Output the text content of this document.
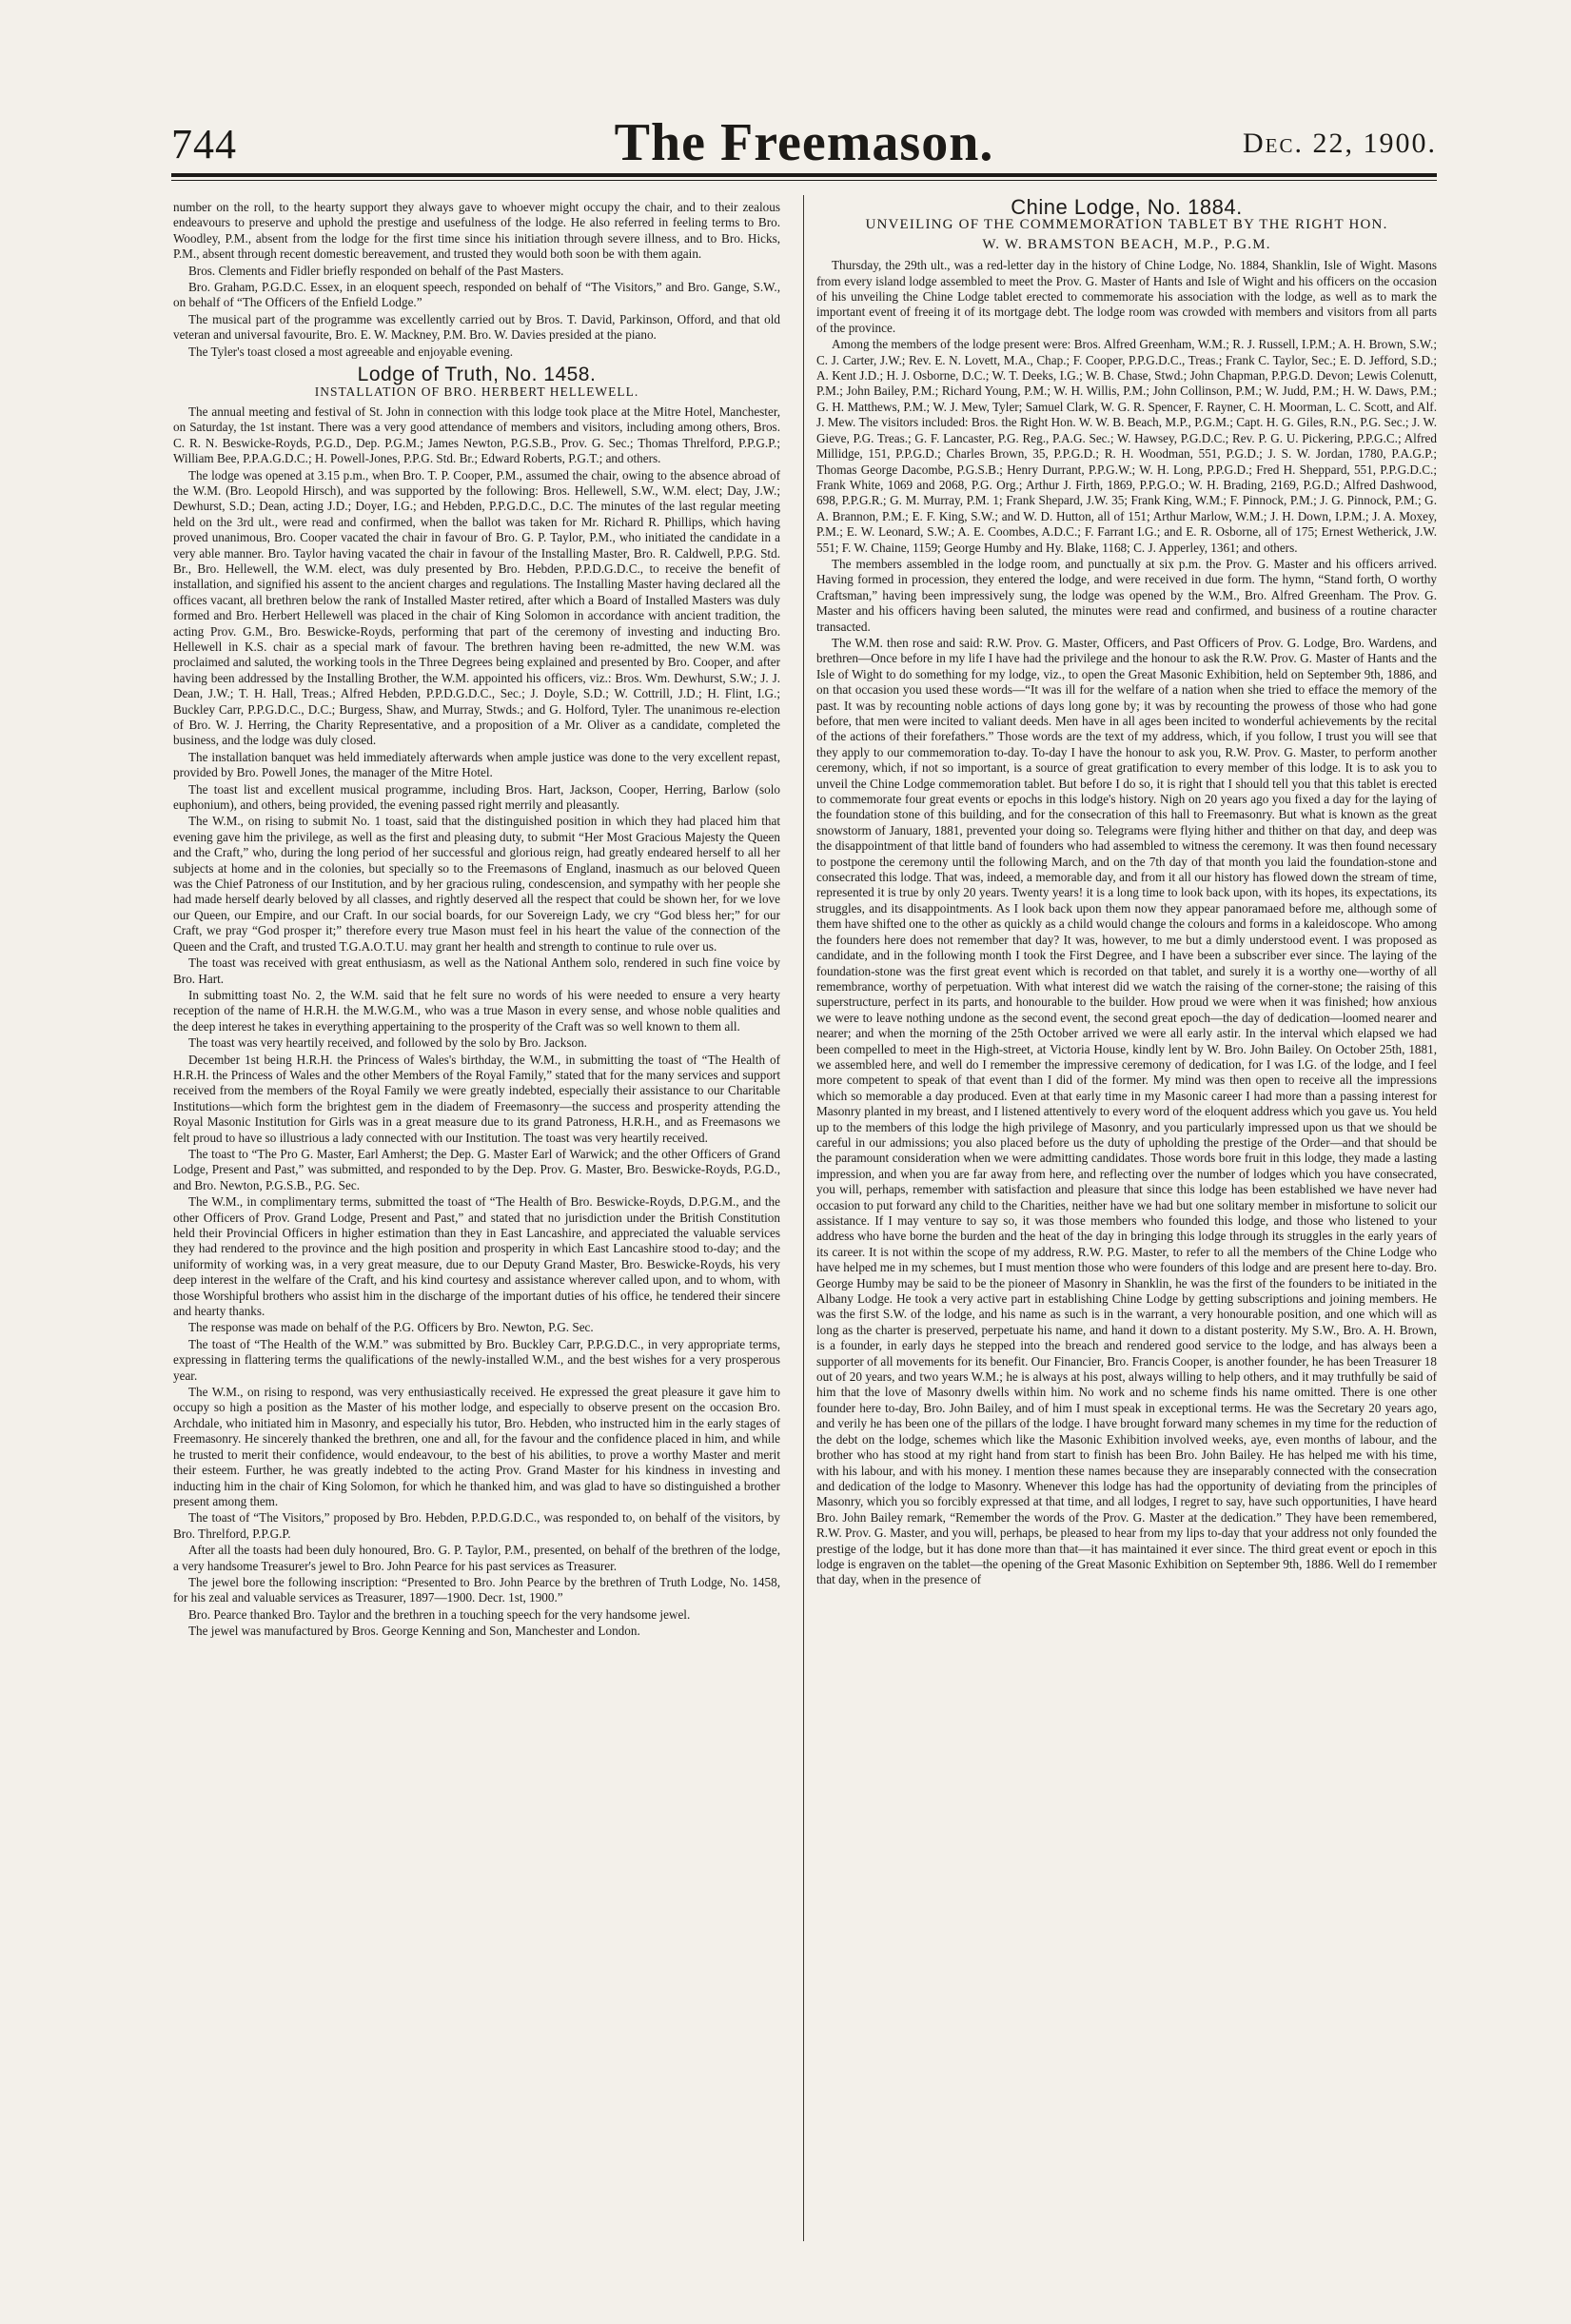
744	The Freemason.	Dec. 22, 1900.

number on the roll, to the hearty support they always gave to whoever might occupy the chair, and to their zealous endeavours to preserve and uphold the prestige and usefulness of the lodge. He also referred in feeling terms to Bro. Woodley, P.M., absent from the lodge for the first time since his initiation through severe illness, and to Bro. Hicks, P.M., absent through recent domestic bereavement, and trusted they would both soon be with them again.

Bros. Clements and Fidler briefly responded on behalf of the Past Masters.

Bro. Graham, P.G.D.C. Essex, in an eloquent speech, responded on behalf of “The Visitors,” and Bro. Gange, S.W., on behalf of “The Officers of the Enfield Lodge.”

The musical part of the programme was excellently carried out by Bros. T. David, Parkinson, Offord, and that old veteran and universal favourite, Bro. E. W. Mackney, P.M. Bro. W. Davies presided at the piano.

The Tyler's toast closed a most agreeable and enjoyable evening.

Lodge of Truth, No. 1458.
INSTALLATION OF BRO. HERBERT HELLEWELL.

The annual meeting and festival of St. John in connection with this lodge took place at the Mitre Hotel, Manchester, on Saturday, the 1st instant. There was a very good attendance of members and visitors, including among others, Bros. C. R. N. Beswicke-Royds, P.G.D., Dep. P.G.M.; James Newton, P.G.S.B., Prov. G. Sec.; Thomas Threlford, P.P.G.P.; William Bee, P.P.A.G.D.C.; H. Powell-Jones, P.P.G. Std. Br.; Edward Roberts, P.G.T.; and others.

The lodge was opened at 3.15 p.m., when Bro. T. P. Cooper, P.M., assumed the chair, owing to the absence abroad of the W.M. (Bro. Leopold Hirsch), and was supported by the following: Bros. Hellewell, S.W., W.M. elect; Day, J.W.; Dewhurst, S.D.; Dean, acting J.D.; Doyer, I.G.; and Hebden, P.P.G.D.C., D.C. The minutes of the last regular meeting held on the 3rd ult., were read and confirmed, when the ballot was taken for Mr. Richard R. Phillips, which having proved unanimous, Bro. Cooper vacated the chair in favour of Bro. G. P. Taylor, P.M., who initiated the candidate in a very able manner. Bro. Taylor having vacated the chair in favour of the Installing Master, Bro. R. Caldwell, P.P.G. Std. Br., Bro. Hellewell, the W.M. elect, was duly presented by Bro. Hebden, P.P.D.G.D.C., to receive the benefit of installation, and signified his assent to the ancient charges and regulations. The Installing Master having declared all the offices vacant, all brethren below the rank of Installed Master retired, after which a Board of Installed Masters was duly formed and Bro. Herbert Hellewell was placed in the chair of King Solomon in accordance with ancient tradition, the acting Prov. G.M., Bro. Beswicke-Royds, performing that part of the ceremony of investing and inducting Bro. Hellewell in K.S. chair as a special mark of favour. The brethren having been re-admitted, the new W.M. was proclaimed and saluted, the working tools in the Three Degrees being explained and presented by Bro. Cooper, and after having been addressed by the Installing Brother, the W.M. appointed his officers, viz.: Bros. Wm. Dewhurst, S.W.; J. J. Dean, J.W.; T. H. Hall, Treas.; Alfred Hebden, P.P.D.G.D.C., Sec.; J. Doyle, S.D.; W. Cottrill, J.D.; H. Flint, I.G.; Buckley Carr, P.P.G.D.C., D.C.; Burgess, Shaw, and Murray, Stwds.; and G. Holford, Tyler. The unanimous re-election of Bro. W. J. Herring, the Charity Representative, and a proposition of a Mr. Oliver as a candidate, completed the business, and the lodge was duly closed.

The installation banquet was held immediately afterwards when ample justice was done to the very excellent repast, provided by Bro. Powell Jones, the manager of the Mitre Hotel.

The toast list and excellent musical programme, including Bros. Hart, Jackson, Cooper, Herring, Barlow (solo euphonium), and others, being provided, the evening passed right merrily and pleasantly.

The W.M., on rising to submit No. 1 toast, said that the distinguished position in which they had placed him that evening gave him the privilege, as well as the first and pleasing duty, to submit “Her Most Gracious Majesty the Queen and the Craft,” who, during the long period of her successful and glorious reign, had greatly endeared herself to all her subjects at home and in the colonies, but specially so to the Freemasons of England, inasmuch as our beloved Queen was the Chief Patroness of our Institution, and by her gracious ruling, condescension, and sympathy with her people she had made herself dearly beloved by all classes, and rightly deserved all the respect that could be shown her, for we love our Queen, our Empire, and our Craft. In our social boards, for our Sovereign Lady, we cry “God bless her;” for our Craft, we pray “God prosper it;” therefore every true Mason must feel in his heart the value of the connection of the Queen and the Craft, and trusted T.G.A.O.T.U. may grant her health and strength to continue to rule over us.

The toast was received with great enthusiasm, as well as the National Anthem solo, rendered in such fine voice by Bro. Hart.

In submitting toast No. 2, the W.M. said that he felt sure no words of his were needed to ensure a very hearty reception of the name of H.R.H. the M.W.G.M., who was a true Mason in every sense, and whose noble qualities and the deep interest he takes in everything appertaining to the prosperity of the Craft was so well known to them all.

The toast was very heartily received, and followed by the solo by Bro. Jackson.

December 1st being H.R.H. the Princess of Wales's birthday, the W.M., in submitting the toast of “The Health of H.R.H. the Princess of Wales and the other Members of the Royal Family,” stated that for the many services and support received from the members of the Royal Family we were greatly indebted, especially their assistance to our Charitable Institutions—which form the brightest gem in the diadem of Freemasonry—the success and prosperity attending the Royal Masonic Institution for Girls was in a great measure due to its grand Patroness, H.R.H., and as Freemasons we felt proud to have so illustrious a lady connected with our Institution. The toast was very heartily received.

The toast to “The Pro G. Master, Earl Amherst; the Dep. G. Master Earl of Warwick; and the other Officers of Grand Lodge, Present and Past,” was submitted, and responded to by the Dep. Prov. G. Master, Bro. Beswicke-Royds, P.G.D., and Bro. Newton, P.G.S.B., P.G. Sec.

The W.M., in complimentary terms, submitted the toast of “The Health of Bro. Beswicke-Royds, D.P.G.M., and the other Officers of Prov. Grand Lodge, Present and Past,” and stated that no jurisdiction under the British Constitution held their Provincial Officers in higher estimation than they in East Lancashire, and appreciated the valuable services they had rendered to the province and the high position and prosperity in which East Lancashire stood to-day; and the uniformity of working was, in a very great measure, due to our Deputy Grand Master, Bro. Beswicke-Royds, his very deep interest in the welfare of the Craft, and his kind courtesy and assistance wherever called upon, and to whom, with those Worshipful brothers who assist him in the discharge of the important duties of his office, he tendered their sincere and hearty thanks.

The response was made on behalf of the P.G. Officers by Bro. Newton, P.G. Sec.

The toast of “The Health of the W.M.” was submitted by Bro. Buckley Carr, P.P.G.D.C., in very appropriate terms, expressing in flattering terms the qualifications of the newly-installed W.M., and the best wishes for a very prosperous year.

The W.M., on rising to respond, was very enthusiastically received. He expressed the great pleasure it gave him to occupy so high a position as the Master of his mother lodge, and especially to observe present on the occasion Bro. Archdale, who initiated him in Masonry, and especially his tutor, Bro. Hebden, who instructed him in the early stages of Freemasonry. He sincerely thanked the brethren, one and all, for the favour and the confidence placed in him, and while he trusted to merit their confidence, would endeavour, to the best of his abilities, to prove a worthy Master and merit their esteem. Further, he was greatly indebted to the acting Prov. Grand Master for his kindness in investing and inducting him in the chair of King Solomon, for which he thanked him, and was glad to have so distinguished a brother present among them.

The toast of “The Visitors,” proposed by Bro. Hebden, P.P.D.G.D.C., was responded to, on behalf of the visitors, by Bro. Threlford, P.P.G.P.

After all the toasts had been duly honoured, Bro. G. P. Taylor, P.M., presented, on behalf of the brethren of the lodge, a very handsome Treasurer's jewel to Bro. John Pearce for his past services as Treasurer.

The jewel bore the following inscription: “Presented to Bro. John Pearce by the brethren of Truth Lodge, No. 1458, for his zeal and valuable services as Treasurer, 1897—1900. Decr. 1st, 1900.”

Bro. Pearce thanked Bro. Taylor and the brethren in a touching speech for the very handsome jewel.

The jewel was manufactured by Bros. George Kenning and Son, Manchester and London.

Chine Lodge, No. 1884.
UNVEILING OF THE COMMEMORATION TABLET BY THE RIGHT HON.
W. W. BRAMSTON BEACH, M.P., P.G.M.

Thursday, the 29th ult., was a red-letter day in the history of Chine Lodge, No. 1884, Shanklin, Isle of Wight. Masons from every island lodge assembled to meet the Prov. G. Master of Hants and Isle of Wight and his officers on the occasion of his unveiling the Chine Lodge tablet erected to commemorate his association with the lodge, as well as to mark the important event of freeing it of its mortgage debt. The lodge room was crowded with members and visitors from all parts of the province.

Among the members of the lodge present were: Bros. Alfred Greenham, W.M.; R. J. Russell, I.P.M.; A. H. Brown, S.W.; C. J. Carter, J.W.; Rev. E. N. Lovett, M.A., Chap.; F. Cooper, P.P.G.D.C., Treas.; Frank C. Taylor, Sec.; E. D. Jefford, S.D.; A. Kent J.D.; H. J. Osborne, D.C.; W. T. Deeks, I.G.; W. B. Chase, Stwd.; John Chapman, P.P.G.D. Devon; Lewis Colenutt, P.M.; John Bailey, P.M.; Richard Young, P.M.; W. H. Willis, P.M.; John Collinson, P.M.; W. Judd, P.M.; H. W. Daws, P.M.; G. H. Matthews, P.M.; W. J. Mew, Tyler; Samuel Clark, W. G. R. Spencer, F. Rayner, C. H. Moorman, L. C. Scott, and Alf. J. Mew. The visitors included: Bros. the Right Hon. W. W. B. Beach, M.P., P.G.M.; Capt. H. G. Giles, R.N., P.G. Sec.; J. W. Gieve, P.G. Treas.; G. F. Lancaster, P.G. Reg., P.A.G. Sec.; W. Hawsey, P.G.D.C.; Rev. P. G. U. Pickering, P.P.G.C.; Alfred Millidge, 151, P.P.G.D.; Charles Brown, 35, P.P.G.D.; R. H. Woodman, 551, P.G.D.; J. S. W. Jordan, 1780, P.A.G.P.; Thomas George Dacombe, P.G.S.B.; Henry Durrant, P.P.G.W.; W. H. Long, P.P.G.D.; Fred H. Sheppard, 551, P.P.G.D.C.; Frank White, 1069 and 2068, P.G. Org.; Arthur J. Firth, 1869, P.P.G.O.; W. H. Brading, 2169, P.G.D.; Alfred Dashwood, 698, P.P.G.R.; G. M. Murray, P.M. 1; Frank Shepard, J.W. 35; Frank King, W.M.; F. Pinnock, P.M.; J. G. Pinnock, P.M.; G. A. Brannon, P.M.; E. F. King, S.W.; and W. D. Hutton, all of 151; Arthur Marlow, W.M.; J. H. Down, I.P.M.; J. A. Moxey, P.M.; E. W. Leonard, S.W.; A. E. Coombes, A.D.C.; F. Farrant I.G.; and E. R. Osborne, all of 175; Ernest Wetherick, J.W. 551; F. W. Chaine, 1159; George Humby and Hy. Blake, 1168; C. J. Apperley, 1361; and others.

The members assembled in the lodge room, and punctually at six p.m. the Prov. G. Master and his officers arrived. Having formed in procession, they entered the lodge, and were received in due form. The hymn, “Stand forth, O worthy Craftsman,” having been impressively sung, the lodge was opened by the W.M., Bro. Alfred Greenham. The Prov. G. Master and his officers having been saluted, the minutes were read and confirmed, and business of a routine character transacted.

The W.M. then rose and said: R.W. Prov. G. Master, Officers, and Past Officers of Prov. G. Lodge, Bro. Wardens, and brethren—Once before in my life I have had the privilege and the honour to ask the R.W. Prov. G. Master of Hants and the Isle of Wight to do something for my lodge, viz., to open the Great Masonic Exhibition, held on September 9th, 1886, and on that occasion you used these words—“It was ill for the welfare of a nation when she tried to efface the memory of the past. It was by recounting noble actions of days long gone by; it was by recounting the prowess of those who had gone before, that men were incited to valiant deeds. Men have in all ages been incited to wonderful achievements by the recital of the actions of their forefathers.” Those words are the text of my address, which, if you follow, I trust you will see that they apply to our commemoration to-day. To-day I have the honour to ask you, R.W. Prov. G. Master, to perform another ceremony, which, if not so important, is a source of great gratification to every member of this lodge. It is to ask you to unveil the Chine Lodge commemoration tablet. But before I do so, it is right that I should tell you that this tablet is erected to commemorate four great events or epochs in this lodge's history. Nigh on 20 years ago you fixed a day for the laying of the foundation stone of this building, and for the consecration of this hall to Freemasonry. But what is known as the great snowstorm of January, 1881, prevented your doing so. Telegrams were flying hither and thither on that day, and deep was the disappointment of that little band of founders who had assembled to witness the ceremony. It was then found necessary to postpone the ceremony until the following March, and on the 7th day of that month you laid the foundation-stone and consecrated this lodge. That was, indeed, a memorable day, and from it all our history has flowed down the stream of time, represented it is true by only 20 years. Twenty years! it is a long time to look back upon, with its hopes, its expectations, its struggles, and its disappointments. As I look back upon them now they appear panoramaed before me, although some of them have shifted one to the other as quickly as a child would change the colours and forms in a kaleidoscope. Who among the founders here does not remember that day? It was, however, to me but a dimly understood event. I was proposed as candidate, and in the following month I took the First Degree, and I have been a subscriber ever since. The laying of the foundation-stone was the first great event which is recorded on that tablet, and surely it is a worthy one—worthy of all remembrance, worthy of perpetuation. With what interest did we watch the raising of the corner-stone; the raising of this superstructure, perfect in its parts, and honourable to the builder. How proud we were when it was finished; how anxious we were to leave nothing undone as the second event, the second great epoch—the day of dedication—loomed nearer and nearer; and when the morning of the 25th October arrived we were all early astir. In the interval which elapsed we had been compelled to meet in the High-street, at Victoria House, kindly lent by W. Bro. John Bailey. On October 25th, 1881, we assembled here, and well do I remember the impressive ceremony of dedication, for I was I.G. of the lodge, and I feel more competent to speak of that event than I did of the former. My mind was then open to receive all the impressions which so memorable a day produced. Even at that early time in my Masonic career I had more than a passing interest for Masonry planted in my breast, and I listened attentively to every word of the eloquent address which you gave us. You held up to the members of this lodge the high privilege of Masonry, and you particularly impressed upon us that we should be careful in our admissions; you also placed before us the duty of upholding the prestige of the Order—and that should be the paramount consideration when we were admitting candidates. Those words bore fruit in this lodge, they made a lasting impression, and when you are far away from here, and reflecting over the number of lodges which you have consecrated, you will, perhaps, remember with satisfaction and pleasure that since this lodge has been established we have never had occasion to put forward any child to the Charities, neither have we had but one solitary member in misfortune to solicit our assistance. If I may venture to say so, it was those members who founded this lodge, and those who listened to your address who have borne the burden and the heat of the day in bringing this lodge through its struggles in the early years of its career. It is not within the scope of my address, R.W. P.G. Master, to refer to all the members of the Chine Lodge who have helped me in my schemes, but I must mention those who were founders of this lodge and are present here to-day. Bro. George Humby may be said to be the pioneer of Masonry in Shanklin, he was the first of the founders to be initiated in the Albany Lodge. He took a very active part in establishing Chine Lodge by getting subscriptions and joining members. He was the first S.W. of the lodge, and his name as such is in the warrant, a very honourable position, and one which will as long as the charter is preserved, perpetuate his name, and hand it down to a distant posterity. My S.W., Bro. A. H. Brown, is a founder, in early days he stepped into the breach and rendered good service to the lodge, and has always been a supporter of all movements for its benefit. Our Financier, Bro. Francis Cooper, is another founder, he has been Treasurer 18 out of 20 years, and two years W.M.; he is always at his post, always willing to help others, and it may truthfully be said of him that the love of Masonry dwells within him. No work and no scheme finds his name omitted. There is one other founder here to-day, Bro. John Bailey, and of him I must speak in exceptional terms. He was the Secretary 20 years ago, and verily he has been one of the pillars of the lodge. I have brought forward many schemes in my time for the reduction of the debt on the lodge, schemes which like the Masonic Exhibition involved weeks, aye, even months of labour, and the brother who has stood at my right hand from start to finish has been Bro. John Bailey. He has helped me with his time, with his labour, and with his money. I mention these names because they are inseparably connected with the consecration and dedication of the lodge to Masonry. Whenever this lodge has had the opportunity of deviating from the principles of Masonry, which you so forcibly expressed at that time, and all lodges, I regret to say, have such opportunities, I have heard Bro. John Bailey remark, “Remember the words of the Prov. G. Master at the dedication.” They have been remembered, R.W. Prov. G. Master, and you will, perhaps, be pleased to hear from my lips to-day that your address not only founded the prestige of the lodge, but it has done more than that—it has maintained it ever since. The third great event or epoch in this lodge is engraven on the tablet—the opening of the Great Masonic Exhibition on September 9th, 1886. Well do I remember that day, when in the presence of
